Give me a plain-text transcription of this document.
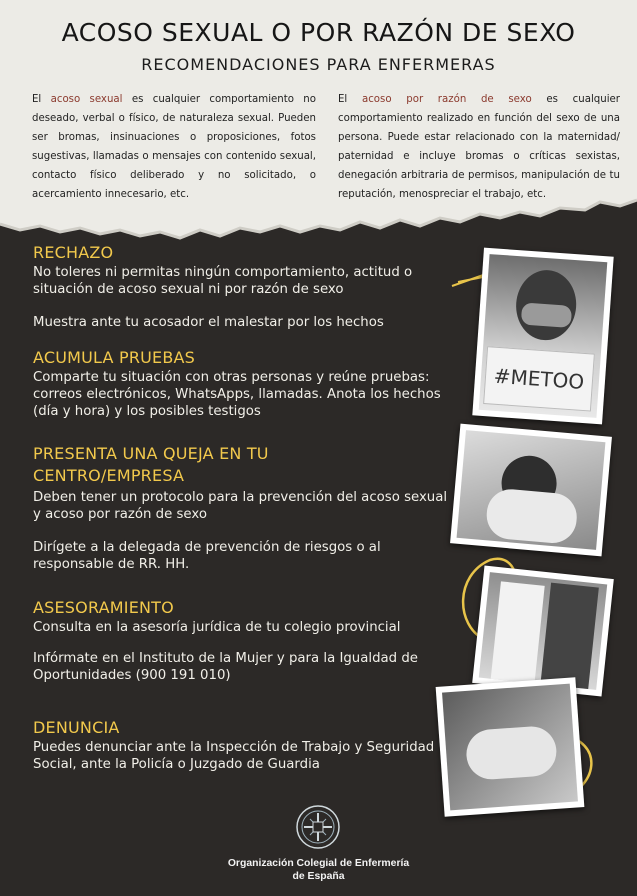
ACOSO SEXUAL O POR RAZÓN DE SEXO
RECOMENDACIONES PARA ENFERMERAS
El acoso sexual es cualquier comportamiento no deseado, verbal o físico, de naturaleza sexual. Pueden ser bromas, insinuaciones o proposiciones, fotos sugestivas, llamadas o mensajes con contenido sexual, contacto físico deliberado y no solicitado, o acercamiento innecesario, etc.
El acoso por razón de sexo es cualquier comportamiento realizado en función del sexo de una persona. Puede estar relacionado con la maternidad/ paternidad e incluye bromas o críticas sexistas, denegación arbitraria de permisos, manipulación de tu reputación, menospreciar el trabajo, etc.
RECHAZO
No toleres ni permitas ningún comportamiento, actitud o situación de acoso sexual ni por razón de sexo
Muestra ante tu acosador el malestar por los hechos
ACUMULA PRUEBAS
Comparte tu situación con otras personas y reúne pruebas: correos electrónicos, WhatsApps, llamadas. Anota los hechos (día y hora) y los posibles testigos
PRESENTA UNA QUEJA EN TU CENTRO/EMPRESA
Deben tener un protocolo para la prevención del acoso sexual y acoso por razón de sexo
Dirígete a la delegada de prevención de riesgos o al responsable de RR. HH.
ASESORAMIENTO
Consulta en la asesoría jurídica de tu colegio provincial
Infórmate en el Instituto de la Mujer y para la Igualdad de Oportunidades (900 191 010)
DENUNCIA
Puedes denunciar ante la Inspección de Trabajo y Seguridad Social, ante la Policía o Juzgado de Guardia
#METOO
Organización Colegial de Enfermería
de España
